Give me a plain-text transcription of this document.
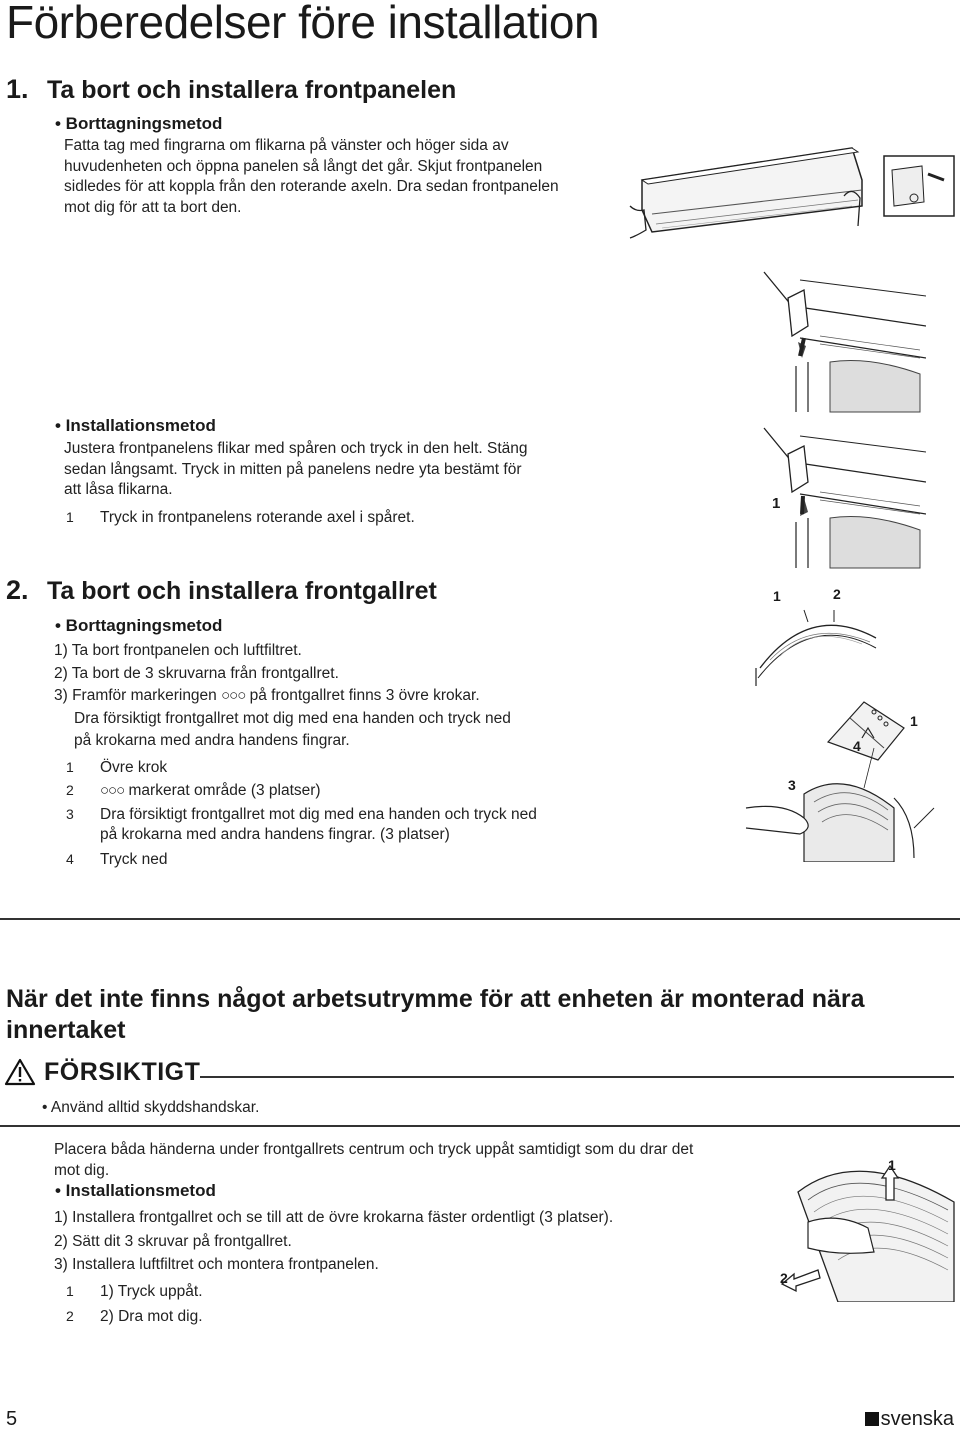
Förberedelser före installation
1. Ta bort och installera frontpanelen
• Borttagningsmetod
Fatta tag med fingrarna om flikarna på vänster och höger sida av
huvudenheten och öppna panelen så långt det går. Skjut frontpanelen
sidledes för att koppla från den roterande axeln. Dra sedan frontpanelen
mot dig för att ta bort den.
• Installationsmetod
Justera frontpanelens flikar med spåren och tryck in den helt. Stäng
sedan långsamt. Tryck in mitten på panelens nedre yta bestämt för
att låsa flikarna.
1 Tryck in frontpanelens roterande axel i spåret.
1
2. Ta bort och installera frontgallret
• Borttagningsmetod
1) Ta bort frontpanelen och luftfiltret.
2) Ta bort de 3 skruvarna från frontgallret.
3) Framför markeringen ○○○ på frontgallret finns 3 övre krokar.
Dra försiktigt frontgallret mot dig med ena handen och tryck ned
på krokarna med andra handens fingrar.
1 Övre krok
2 ○○○ markerat område (3 platser)
3 Dra försiktigt frontgallret mot dig med ena handen och tryck ned
på krokarna med andra handens fingrar. (3 platser)
4 Tryck ned
1	2
1
3
4
När det inte finns något arbetsutrymme för att enheten är monterad nära innertaket
FÖRSIKTIGT
• Använd alltid skyddshandskar.
Placera båda händerna under frontgallrets centrum och tryck uppåt samtidigt som du drar det
mot dig.
• Installationsmetod
1) Installera frontgallret och se till att de övre krokarna fäster ordentligt (3 platser).
2) Sätt dit 3 skruvar på frontgallret.
3) Installera luftfiltret och montera frontpanelen.
1 1) Tryck uppåt.
2 2) Dra mot dig.
1
2
5	svenska
